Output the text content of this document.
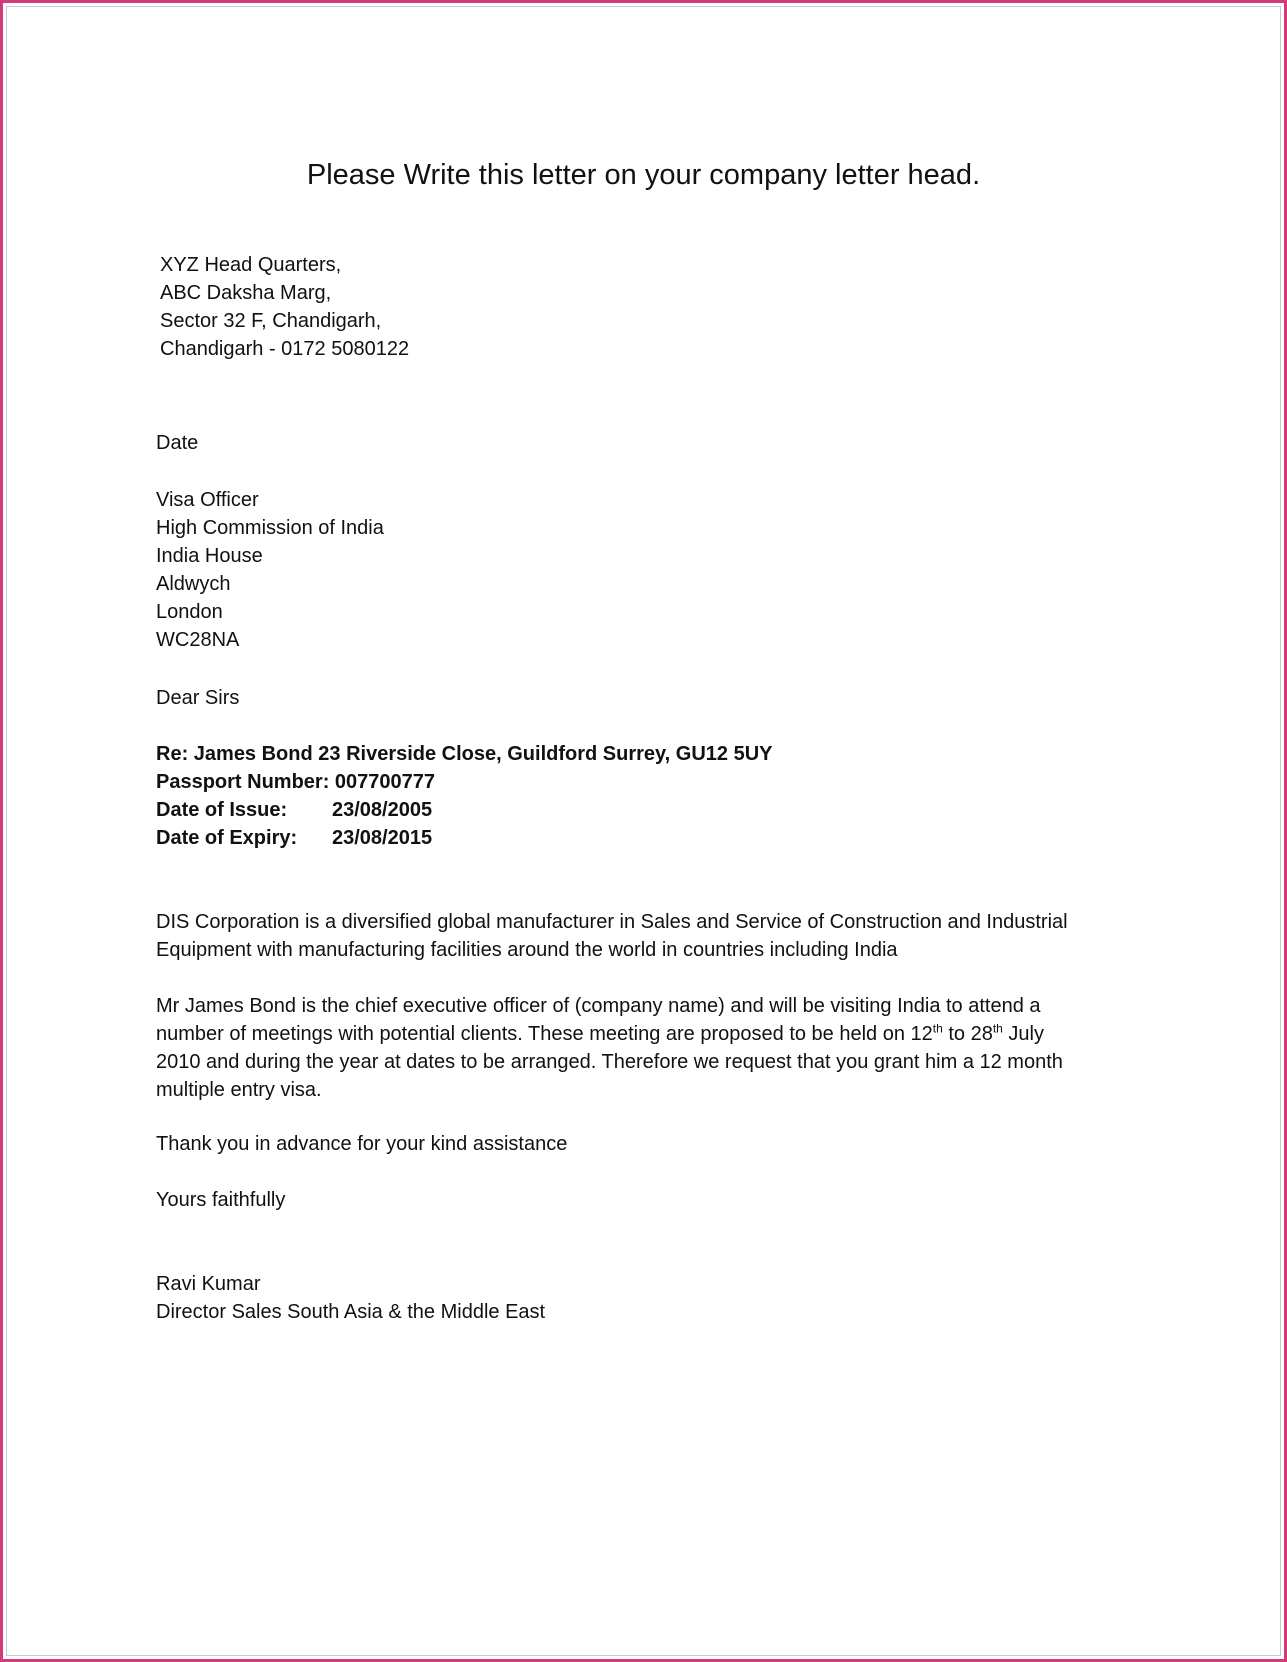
Please Write this letter on your company letter head.
XYZ Head Quarters,
ABC Daksha Marg,
Sector 32 F, Chandigarh,
Chandigarh - 0172 5080122
Date
Visa Officer
High Commission of India
India House
Aldwych
London
WC28NA
Dear Sirs
Re: James Bond 23 Riverside Close, Guildford Surrey, GU12 5UY
Passport Number: 007700777
Date of Issue:	23/08/2005
Date of Expiry:	23/08/2015
DIS Corporation is a diversified global manufacturer in Sales and Service of Construction and Industrial
Equipment with manufacturing facilities around the world in countries including India
Mr James Bond is the chief executive officer of (company name) and will be visiting India to attend a
number of meetings with potential clients. These meeting are proposed to be held on 12th to 28th July
2010 and during the year at dates to be arranged. Therefore we request that you grant him a 12 month
multiple entry visa.
Thank you in advance for your kind assistance
Yours faithfully
Ravi Kumar
Director Sales South Asia & the Middle East
